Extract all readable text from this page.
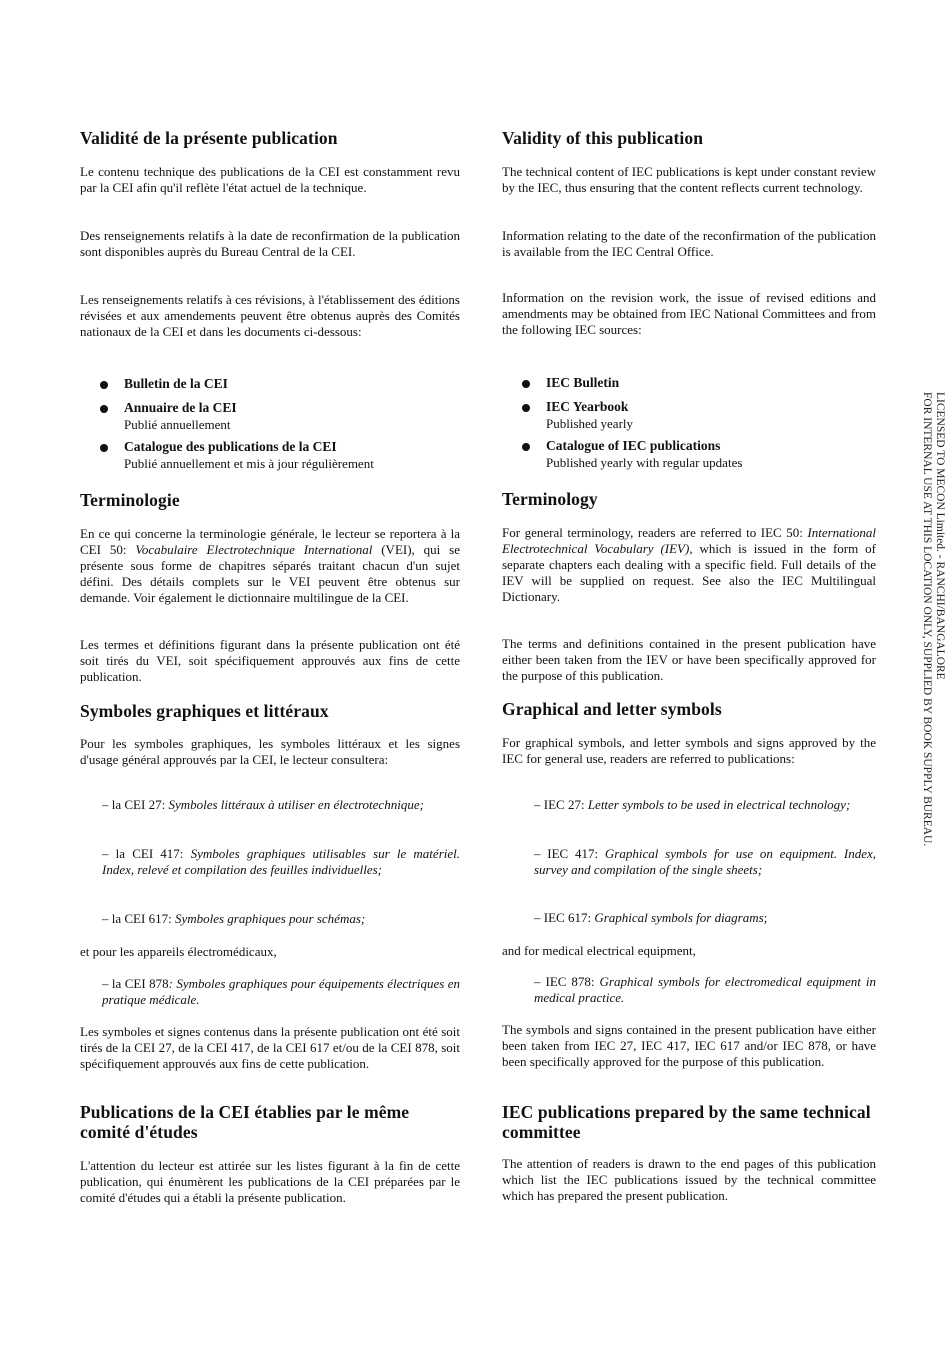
Validité de la présente publication

Le contenu technique des publications de la CEI est constamment revu par la CEI afin qu'il reflète l'état actuel de la technique.

Des renseignements relatifs à la date de reconfirmation de la publication sont disponibles auprès du Bureau Central de la CEI.

Les renseignements relatifs à ces révisions, à l'établissement des éditions révisées et aux amendements peuvent être obtenus auprès des Comités nationaux de la CEI et dans les documents ci-dessous:

Bulletin de la CEI
Annuaire de la CEI
Publié annuellement
Catalogue des publications de la CEI
Publié annuellement et mis à jour régulièrement
Terminologie

En ce qui concerne la terminologie générale, le lecteur se reportera à la CEI 50: Vocabulaire Electrotechnique International (VEI), qui se présente sous forme de chapitres séparés traitant chacun d'un sujet défini. Des détails complets sur le VEI peuvent être obtenus sur demande. Voir également le dictionnaire multilingue de la CEI.

Les termes et définitions figurant dans la présente publication ont été soit tirés du VEI, soit spécifiquement approuvés aux fins de cette publication.

Symboles graphiques et littéraux

Pour les symboles graphiques, les symboles littéraux et les signes d'usage général approuvés par la CEI, le lecteur consultera:

– la CEI 27: Symboles littéraux à utiliser en électrotechnique;
– la CEI 417: Symboles graphiques utilisables sur le matériel. Index, relevé et compilation des feuilles individuelles;
– la CEI 617: Symboles graphiques pour schémas;

et pour les appareils électromédicaux,

– la CEI 878: Symboles graphiques pour équipements électriques en pratique médicale.

Les symboles et signes contenus dans la présente publication ont été soit tirés de la CEI 27, de la CEI 417, de la CEI 617 et/ou de la CEI 878, soit spécifiquement approuvés aux fins de cette publication.

Publications de la CEI établies par le même comité d'études

L'attention du lecteur est attirée sur les listes figurant à la fin de cette publication, qui énumèrent les publications de la CEI préparées par le comité d'études qui a établi la présente publication.

Validity of this publication

The technical content of IEC publications is kept under constant review by the IEC, thus ensuring that the content reflects current technology.

Information relating to the date of the reconfirmation of the publication is available from the IEC Central Office.

Information on the revision work, the issue of revised editions and amendments may be obtained from IEC National Committees and from the following IEC sources:

IEC Bulletin
IEC Yearbook
Published yearly
Catalogue of IEC publications
Published yearly with regular updates
Terminology

For general terminology, readers are referred to IEC 50: International Electrotechnical Vocabulary (IEV), which is issued in the form of separate chapters each dealing with a specific field. Full details of the IEV will be supplied on request. See also the IEC Multilingual Dictionary.

The terms and definitions contained in the present publication have either been taken from the IEV or have been specifically approved for the purpose of this publication.

Graphical and letter symbols

For graphical symbols, and letter symbols and signs approved by the IEC for general use, readers are referred to publications:

– IEC 27: Letter symbols to be used in electrical technology;
– IEC 417: Graphical symbols for use on equipment. Index, survey and compilation of the single sheets;
– IEC 617: Graphical symbols for diagrams;

and for medical electrical equipment,

– IEC 878: Graphical symbols for electromedical equipment in medical practice.

The symbols and signs contained in the present publication have either been taken from IEC 27, IEC 417, IEC 617 and/or IEC 878, or have been specifically approved for the purpose of this publication.

IEC publications prepared by the same technical committee

The attention of readers is drawn to the end pages of this publication which list the IEC publications issued by the technical committee which has prepared the present publication.

LICENSED TO MECON Limited. - RANCHI/BANGALORE
FOR INTERNAL USE AT THIS LOCATION ONLY, SUPPLIED BY BOOK SUPPLY BUREAU.
